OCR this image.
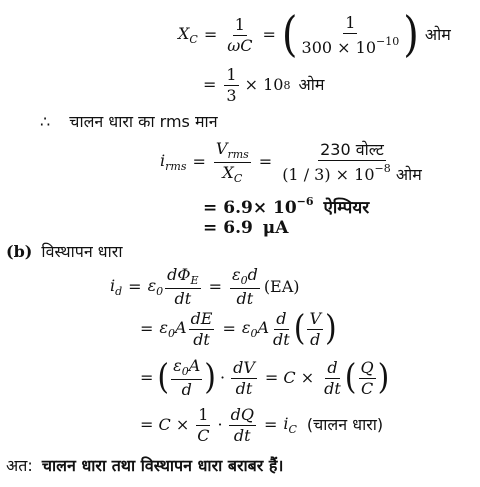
$X_C = \frac{1}{\omega C}$ = ( $\frac{1}{300 \times 10^{-10}}$ ) ओम
= $\frac{1}{3} \times 10$ 8 ओम
∴ चालन धारा का rms मान
$i_{rms} = \frac{V_{rms}}{X_C} = \frac{\text{230 वोल्ट}}{(1 / 3) \times 10^{-8} ओम}$
= $6.9\times 10^{-6}$ ऐम्पियर
= 6.9 μA
(b) विस्थापन धारा
$i_d = \varepsilon_0 \frac{d\Phi_E}{dt} = \frac{\varepsilon_0d}{dt} (EA)$
= $\varepsilon_0A \frac{dE}{dt} = \varepsilon_0A \frac{d}{dt}$ ( $\frac{V}{d}$ )
= ( $\frac{\varepsilon_0A}{d}$ ) · $\frac{dV}{dt} = C \times \frac{d}{dt}$ ( $\frac{Q}{C}$ )
= $C \times \frac{1}{C} \cdot \frac{dQ}{dt} = i_C$ (चालन धारा)
अत: चालन धारा तथा विस्थापन धारा बराबर हैं।
